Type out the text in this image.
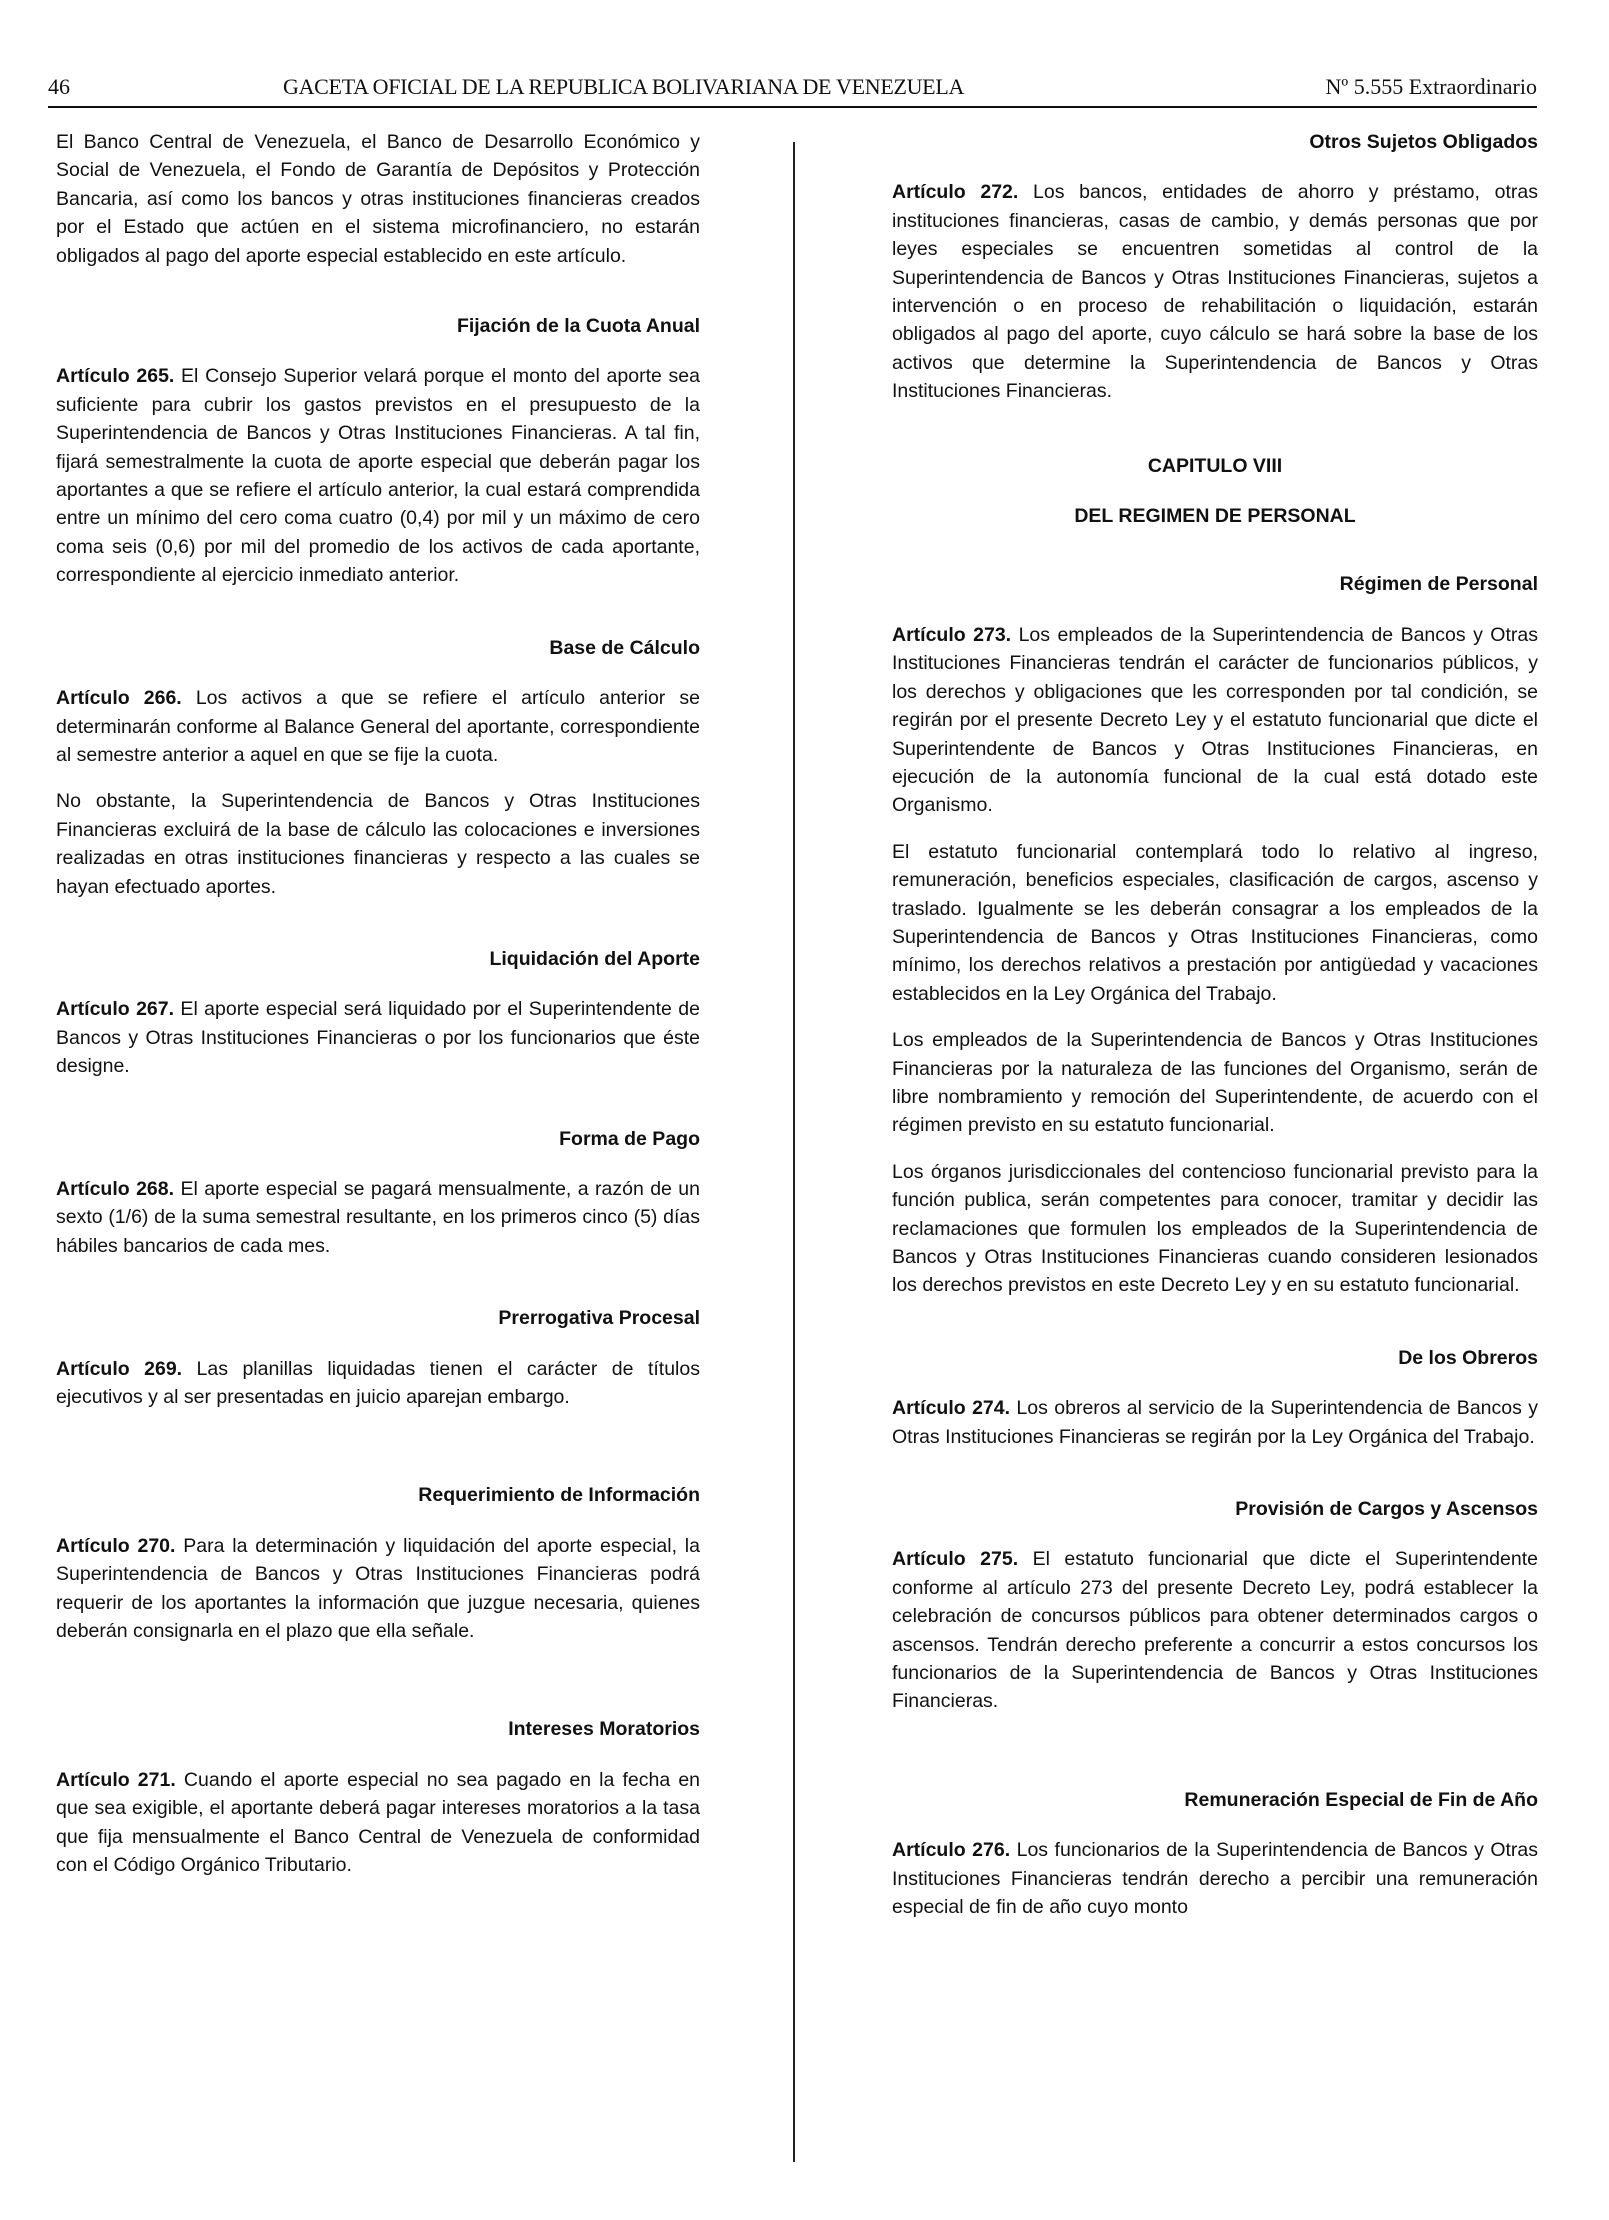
46	GACETA OFICIAL DE LA REPUBLICA BOLIVARIANA DE VENEZUELA	Nº 5.555 Extraordinario

El Banco Central de Venezuela, el Banco de Desarrollo Económico y Social de Venezuela, el Fondo de Garantía de Depósitos y Protección Bancaria, así como los bancos y otras instituciones financieras creados por el Estado que actúen en el sistema microfinanciero, no estarán obligados al pago del aporte especial establecido en este artículo.

Fijación de la Cuota Anual

Artículo 265. El Consejo Superior velará porque el monto del aporte sea suficiente para cubrir los gastos previstos en el presupuesto de la Superintendencia de Bancos y Otras Instituciones Financieras. A tal fin, fijará semestralmente la cuota de aporte especial que deberán pagar los aportantes a que se refiere el artículo anterior, la cual estará comprendida entre un mínimo del cero coma cuatro (0,4) por mil y un máximo de cero coma seis (0,6) por mil del promedio de los activos de cada aportante, correspondiente al ejercicio inmediato anterior.

Base de Cálculo

Artículo 266. Los activos a que se refiere el artículo anterior se determinarán conforme al Balance General del aportante, correspondiente al semestre anterior a aquel en que se fije la cuota.

No obstante, la Superintendencia de Bancos y Otras Instituciones Financieras excluirá de la base de cálculo las colocaciones e inversiones realizadas en otras instituciones financieras y respecto a las cuales se hayan efectuado aportes.

Liquidación del Aporte

Artículo 267. El aporte especial será liquidado por el Superintendente de Bancos y Otras Instituciones Financieras o por los funcionarios que éste designe.

Forma de Pago

Artículo 268. El aporte especial se pagará mensualmente, a razón de un sexto (1/6) de la suma semestral resultante, en los primeros cinco (5) días hábiles bancarios de cada mes.

Prerrogativa Procesal

Artículo 269. Las planillas liquidadas tienen el carácter de títulos ejecutivos y al ser presentadas en juicio aparejan embargo.

Requerimiento de Información

Artículo 270. Para la determinación y liquidación del aporte especial, la Superintendencia de Bancos y Otras Instituciones Financieras podrá requerir de los aportantes la información que juzgue necesaria, quienes deberán consignarla en el plazo que ella señale.

Intereses Moratorios

Artículo 271. Cuando el aporte especial no sea pagado en la fecha en que sea exigible, el aportante deberá pagar intereses moratorios a la tasa que fija mensualmente el Banco Central de Venezuela de conformidad con el Código Orgánico Tributario.

Otros Sujetos Obligados

Artículo 272. Los bancos, entidades de ahorro y préstamo, otras instituciones financieras, casas de cambio, y demás personas que por leyes especiales se encuentren sometidas al control de la Superintendencia de Bancos y Otras Instituciones Financieras, sujetos a intervención o en proceso de rehabilitación o liquidación, estarán obligados al pago del aporte, cuyo cálculo se hará sobre la base de los activos que determine la Superintendencia de Bancos y Otras Instituciones Financieras.

CAPITULO VIII

DEL REGIMEN DE PERSONAL

Régimen de Personal

Artículo 273. Los empleados de la Superintendencia de Bancos y Otras Instituciones Financieras tendrán el carácter de funcionarios públicos, y los derechos y obligaciones que les corresponden por tal condición, se regirán por el presente Decreto Ley y el estatuto funcionarial que dicte el Superintendente de Bancos y Otras Instituciones Financieras, en ejecución de la autonomía funcional de la cual está dotado este Organismo.

El estatuto funcionarial contemplará todo lo relativo al ingreso, remuneración, beneficios especiales, clasificación de cargos, ascenso y traslado. Igualmente se les deberán consagrar a los empleados de la Superintendencia de Bancos y Otras Instituciones Financieras, como mínimo, los derechos relativos a prestación por antigüedad y vacaciones establecidos en la Ley Orgánica del Trabajo.

Los empleados de la Superintendencia de Bancos y Otras Instituciones Financieras por la naturaleza de las funciones del Organismo, serán de libre nombramiento y remoción del Superintendente, de acuerdo con el régimen previsto en su estatuto funcionarial.

Los órganos jurisdiccionales del contencioso funcionarial previsto para la función publica, serán competentes para conocer, tramitar y decidir las reclamaciones que formulen los empleados de la Superintendencia de Bancos y Otras Instituciones Financieras cuando consideren lesionados los derechos previstos en este Decreto Ley y en su estatuto funcionarial.

De los Obreros

Artículo 274. Los obreros al servicio de la Superintendencia de Bancos y Otras Instituciones Financieras se regirán por la Ley Orgánica del Trabajo.

Provisión de Cargos y Ascensos

Artículo 275. El estatuto funcionarial que dicte el Superintendente conforme al artículo 273 del presente Decreto Ley, podrá establecer la celebración de concursos públicos para obtener determinados cargos o ascensos. Tendrán derecho preferente a concurrir a estos concursos los funcionarios de la Superintendencia de Bancos y Otras Instituciones Financieras.

Remuneración Especial de Fin de Año

Artículo 276. Los funcionarios de la Superintendencia de Bancos y Otras Instituciones Financieras tendrán derecho a percibir una remuneración especial de fin de año cuyo monto
